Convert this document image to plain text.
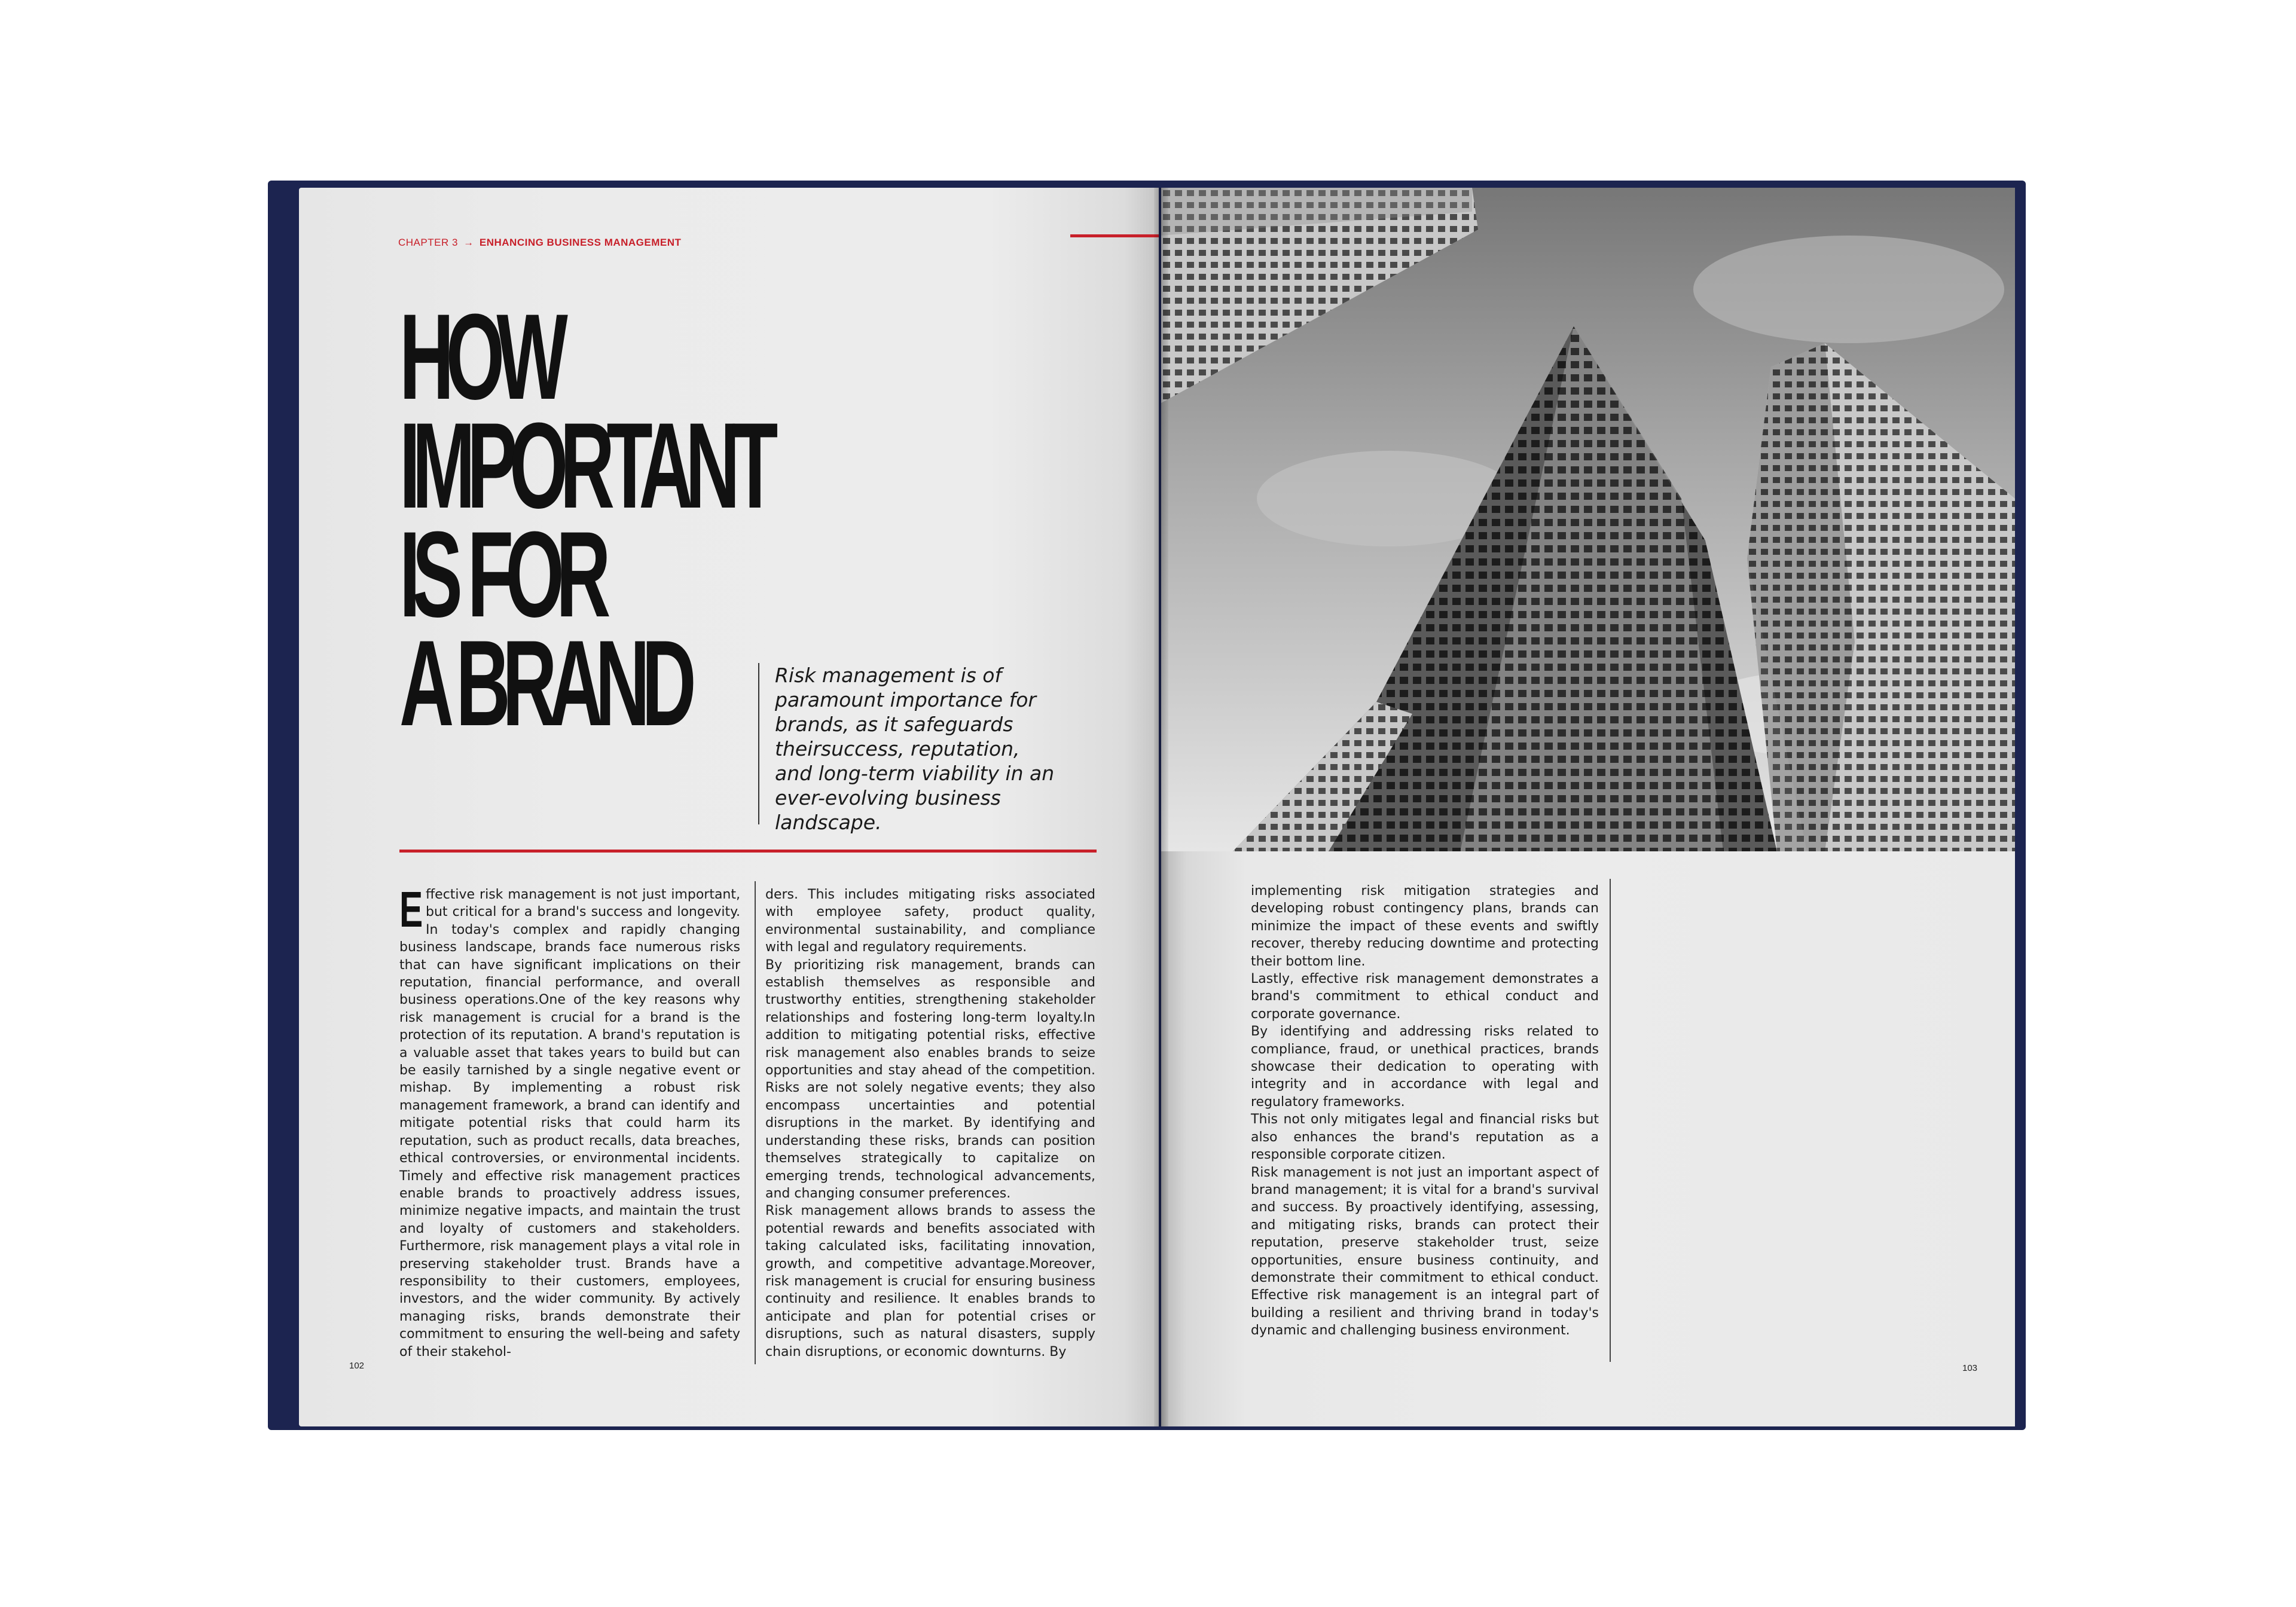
CHAPTER 3 → ENHANCING BUSINESS MANAGEMENT
HOW
IMPORTANT
IS FOR
A BRAND	Risk management is of paramount importance for brands, as it safeguards theirsuccess, reputation, and long-term viability in an ever-evolving business landscape.
E ffective risk management is not just important, but critical for a brand's success and longevity. In today's complex and rapidly changing business landscape, brands face numerous risks that can have significant implications on their reputation, financial performance, and overall business operations.One of the key reasons why risk management is crucial for a brand is the protection of its reputation. A brand's reputation is a valuable asset that takes years to build but can be easily tarnished by a single negative event or mishap. By implementing a robust risk management framework, a brand can identify and mitigate potential risks that could harm its reputation, such as product recalls, data breaches, ethical controversies, or environmental incidents. Timely and effective risk management practices enable brands to proactively address issues, minimize negative impacts, and maintain the trust and loyalty of customers and stakeholders. Furthermore, risk management plays a vital role in preserving stakeholder trust. Brands have a responsibility to their customers, employees, investors, and the wider community. By actively managing risks, brands demonstrate their commitment to ensuring the well-being and safety of their stakehol-

ders. This includes mitigating risks associated with employee safety, product quality, environmental sustainability, and compliance with legal and regulatory requirements.

By prioritizing risk management, brands can establish themselves as responsible and trustworthy entities, strengthening stakeholder relationships and fostering long-term loyalty.In addition to mitigating potential risks, effective risk management also enables brands to seize opportunities and stay ahead of the competition. Risks are not solely negative events; they also encompass uncertainties and potential disruptions in the market. By identifying and understanding these risks, brands can position themselves strategically to capitalize on emerging trends, technological advancements, and changing consumer preferences.

Risk management allows brands to assess the potential rewards and benefits associated with taking calculated isks, facilitating innovation, growth, and competitive advantage.Moreover, risk management is crucial for ensuring business continuity and resilience. It enables brands to anticipate and plan for potential crises or disruptions, such as natural disasters, supply chain disruptions, or economic downturns. By

102

implementing risk mitigation strategies and developing robust contingency plans, brands can minimize the impact of these events and swiftly recover, thereby reducing downtime and protecting their bottom line.

Lastly, effective risk management demonstrates a brand's commitment to ethical conduct and corporate governance.

By identifying and addressing risks related to compliance, fraud, or unethical practices, brands showcase their dedication to operating with integrity and in accordance with legal and regulatory frameworks.

This not only mitigates legal and financial risks but also enhances the brand's reputation as a responsible corporate citizen.

Risk management is not just an important aspect of brand management; it is vital for a brand's survival and success. By proactively identifying, assessing, and mitigating risks, brands can protect their reputation, preserve stakeholder trust, seize opportunities, ensure business continuity, and demonstrate their commitment to ethical conduct. Effective risk management is an integral part of building a resilient and thriving brand in today's dynamic and challenging business environment.

103
